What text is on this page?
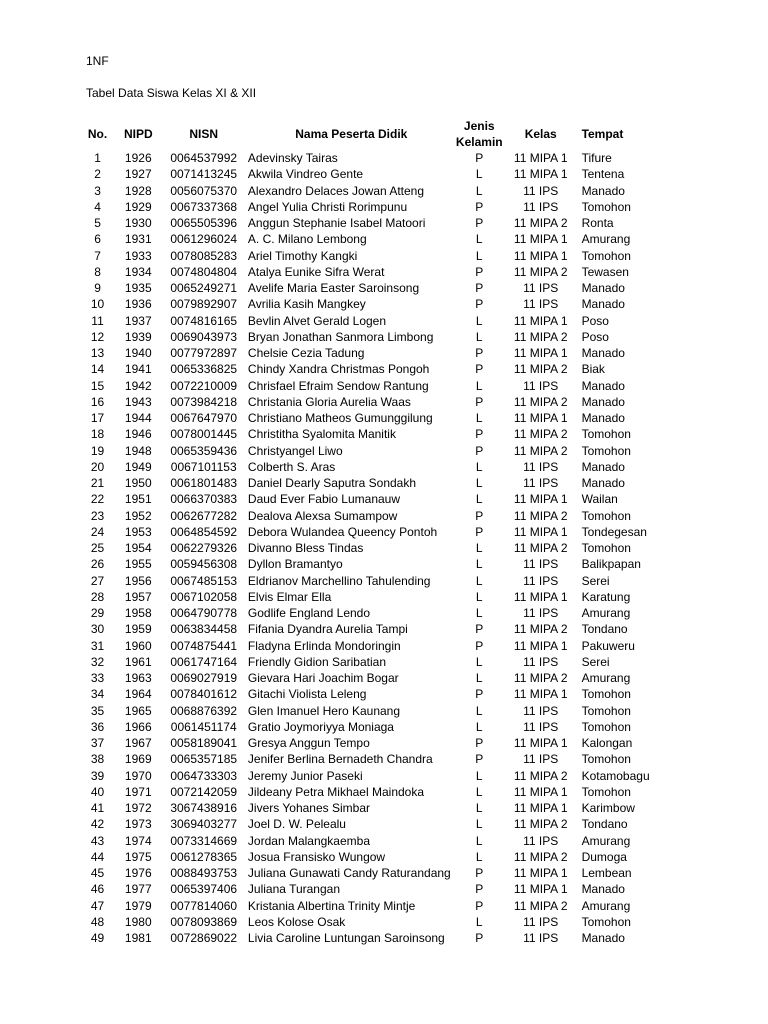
1NF
Tabel Data Siswa Kelas XI & XII
No.	NIPD	NISN	Nama Peserta Didik	Jenis
Kelamin	Kelas	Tempat
1	1926	0064537992	Adevinsky Tairas	P	11 MIPA 1	Tifure
2	1927	0071413245	Akwila Vindreo Gente	L	11 MIPA 1	Tentena
3	1928	0056075370	Alexandro Delaces Jowan Atteng	L	11 IPS	Manado
4	1929	0067337368	Angel Yulia Christi Rorimpunu	P	11 IPS	Tomohon
5	1930	0065505396	Anggun Stephanie Isabel Matoori	P	11 MIPA 2	Ronta
6	1931	0061296024	A. C. Milano Lembong	L	11 MIPA 1	Amurang
7	1933	0078085283	Ariel Timothy Kangki	L	11 MIPA 1	Tomohon
8	1934	0074804804	Atalya Eunike Sifra Werat	P	11 MIPA 2	Tewasen
9	1935	0065249271	Avelife Maria Easter Saroinsong	P	11 IPS	Manado
10	1936	0079892907	Avrilia Kasih Mangkey	P	11 IPS	Manado
11	1937	0074816165	Bevlin Alvet Gerald Logen	L	11 MIPA 1	Poso
12	1939	0069043973	Bryan Jonathan Sanmora Limbong	L	11 MIPA 2	Poso
13	1940	0077972897	Chelsie Cezia Tadung	P	11 MIPA 1	Manado
14	1941	0065336825	Chindy Xandra Christmas Pongoh	P	11 MIPA 2	Biak
15	1942	0072210009	Chrisfael Efraim Sendow Rantung	L	11 IPS	Manado
16	1943	0073984218	Christania Gloria Aurelia Waas	P	11 MIPA 2	Manado
17	1944	0067647970	Christiano Matheos Gumunggilung	L	11 MIPA 1	Manado
18	1946	0078001445	Christitha Syalomita Manitik	P	11 MIPA 2	Tomohon
19	1948	0065359436	Christyangel Liwo	P	11 MIPA 2	Tomohon
20	1949	0067101153	Colberth S. Aras	L	11 IPS	Manado
21	1950	0061801483	Daniel Dearly Saputra Sondakh	L	11 IPS	Manado
22	1951	0066370383	Daud Ever Fabio Lumanauw	L	11 MIPA 1	Wailan
23	1952	0062677282	Dealova Alexsa Sumampow	P	11 MIPA 2	Tomohon
24	1953	0064854592	Debora Wulandea Queency Pontoh	P	11 MIPA 1	Tondegesan
25	1954	0062279326	Divanno Bless Tindas	L	11 MIPA 2	Tomohon
26	1955	0059456308	Dyllon Bramantyo	L	11 IPS	Balikpapan
27	1956	0067485153	Eldrianov Marchellino Tahulending	L	11 IPS	Serei
28	1957	0067102058	Elvis Elmar Ella	L	11 MIPA 1	Karatung
29	1958	0064790778	Godlife England Lendo	L	11 IPS	Amurang
30	1959	0063834458	Fifania Dyandra Aurelia Tampi	P	11 MIPA 2	Tondano
31	1960	0074875441	Fladyna Erlinda Mondoringin	P	11 MIPA 1	Pakuweru
32	1961	0061747164	Friendly Gidion Saribatian	L	11 IPS	Serei
33	1963	0069027919	Gievara Hari Joachim Bogar	L	11 MIPA 2	Amurang
34	1964	0078401612	Gitachi Violista Leleng	P	11 MIPA 1	Tomohon
35	1965	0068876392	Glen Imanuel Hero Kaunang	L	11 IPS	Tomohon
36	1966	0061451174	Gratio Joymoriyya Moniaga	L	11 IPS	Tomohon
37	1967	0058189041	Gresya Anggun Tempo	P	11 MIPA 1	Kalongan
38	1969	0065357185	Jenifer Berlina Bernadeth Chandra	P	11 IPS	Tomohon
39	1970	0064733303	Jeremy Junior Paseki	L	11 MIPA 2	Kotamobagu
40	1971	0072142059	Jildeany Petra Mikhael Maindoka	L	11 MIPA 1	Tomohon
41	1972	3067438916	Jivers Yohanes Simbar	L	11 MIPA 1	Karimbow
42	1973	3069403277	Joel D. W. Pelealu	L	11 MIPA 2	Tondano
43	1974	0073314669	Jordan Malangkaemba	L	11 IPS	Amurang
44	1975	0061278365	Josua Fransisko Wungow	L	11 MIPA 2	Dumoga
45	1976	0088493753	Juliana Gunawati Candy Raturandang	P	11 MIPA 1	Lembean
46	1977	0065397406	Juliana Turangan	P	11 MIPA 1	Manado
47	1979	0077814060	Kristania Albertina Trinity Mintje	P	11 MIPA 2	Amurang
48	1980	0078093869	Leos Kolose Osak	L	11 IPS	Tomohon
49	1981	0072869022	Livia Caroline Luntungan Saroinsong	P	11 IPS	Manado
